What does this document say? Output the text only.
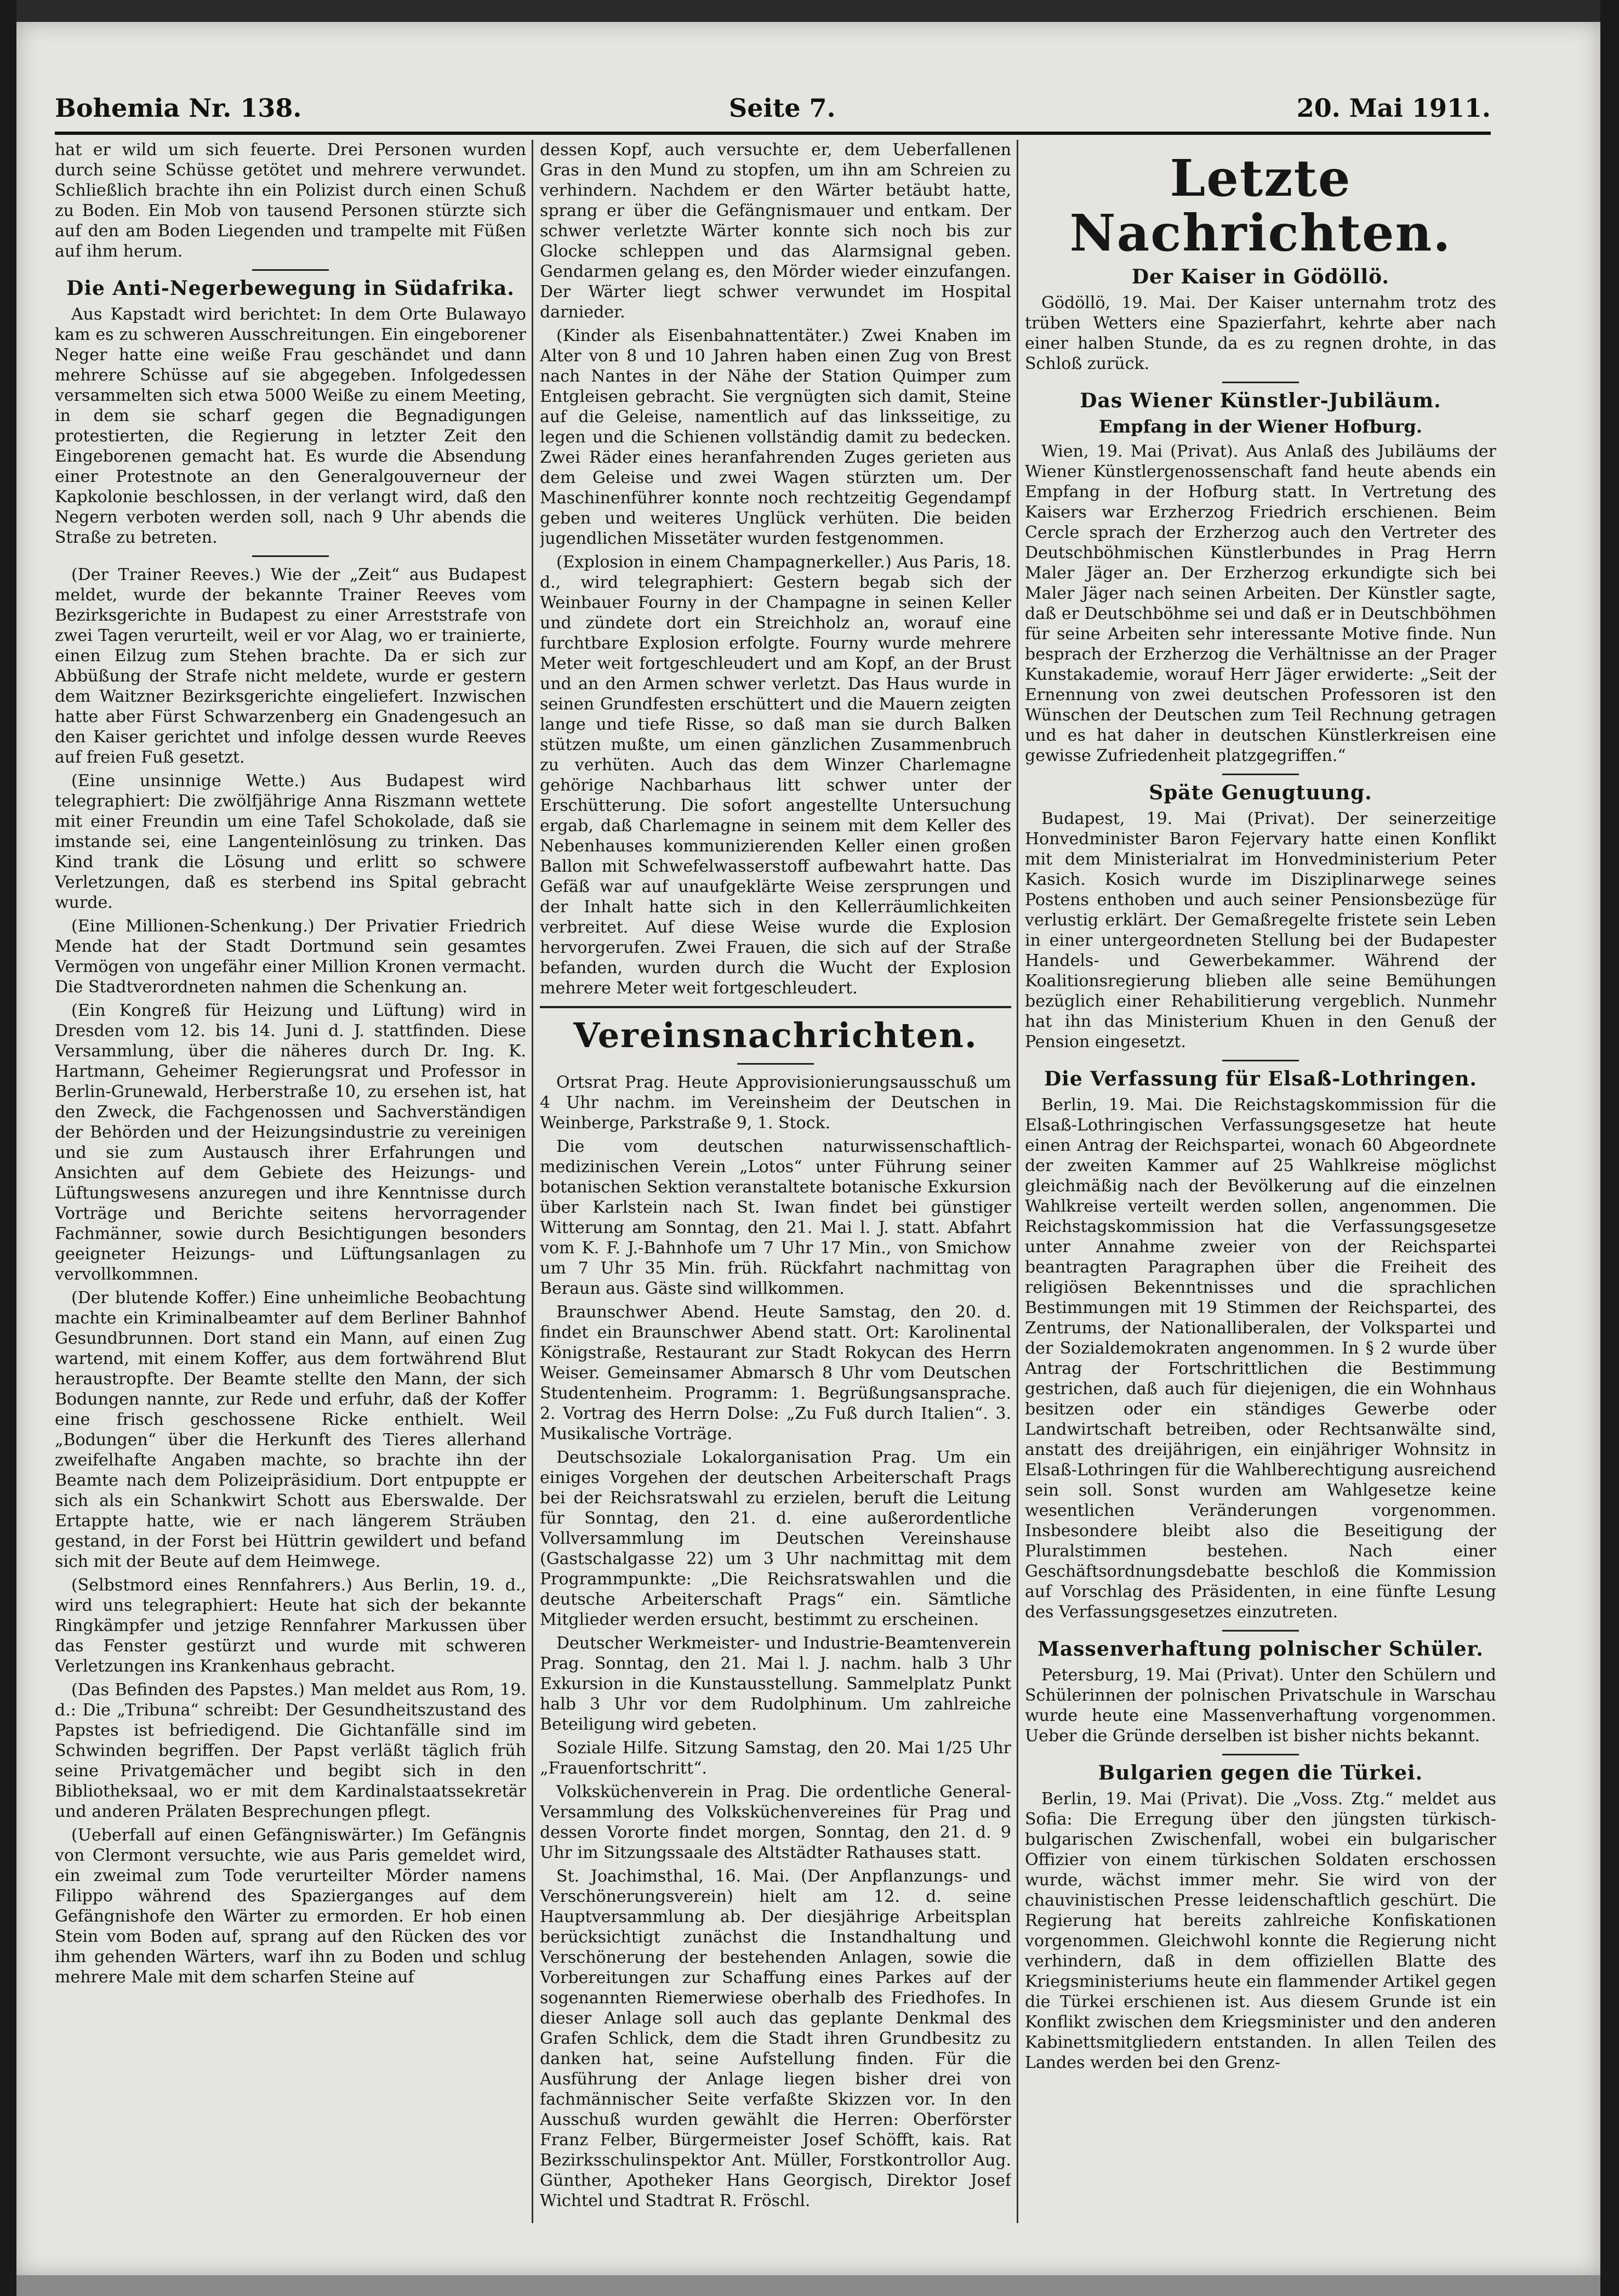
Bohemia Nr. 138.	Seite 7.	20. Mai 1911.

hat er wild um sich feuerte. Drei Personen wurden durch seine Schüsse getötet und mehrere verwundet. Schließlich brachte ihn ein Polizist durch einen Schuß zu Boden. Ein Mob von tausend Personen stürzte sich auf den am Boden Liegenden und trampelte mit Füßen auf ihm herum.

Die Anti-Negerbewegung in Südafrika.

Aus Kapstadt wird berichtet: In dem Orte Bulawayo kam es zu schweren Ausschreitungen. Ein eingeborener Neger hatte eine weiße Frau geschändet und dann mehrere Schüsse auf sie abgegeben. Infolgedessen versammelten sich etwa 5000 Weiße zu einem Meeting, in dem sie scharf gegen die Begnadigungen protestierten, die Regierung in letzter Zeit den Eingeborenen gemacht hat. Es wurde die Absendung einer Protestnote an den Generalgouverneur der Kapkolonie beschlossen, in der verlangt wird, daß den Negern verboten werden soll, nach 9 Uhr abends die Straße zu betreten.

(Der Trainer Reeves.) Wie der „Zeit“ aus Budapest meldet, wurde der bekannte Trainer Reeves vom Bezirksgerichte in Budapest zu einer Arreststrafe von zwei Tagen verurteilt, weil er vor Alag, wo er trainierte, einen Eilzug zum Stehen brachte. Da er sich zur Abbüßung der Strafe nicht meldete, wurde er gestern dem Waitzner Bezirksgerichte eingeliefert. Inzwischen hatte aber Fürst Schwarzenberg ein Gnadengesuch an den Kaiser gerichtet und infolge dessen wurde Reeves auf freien Fuß gesetzt.

(Eine unsinnige Wette.) Aus Budapest wird telegraphiert: Die zwölfjährige Anna Riszmann wettete mit einer Freundin um eine Tafel Schokolade, daß sie imstande sei, eine Langenteinlösung zu trinken. Das Kind trank die Lösung und erlitt so schwere Verletzungen, daß es sterbend ins Spital gebracht wurde.

(Eine Millionen-Schenkung.) Der Privatier Friedrich Mende hat der Stadt Dortmund sein gesamtes Vermögen von ungefähr einer Million Kronen vermacht. Die Stadtverordneten nahmen die Schenkung an.

(Ein Kongreß für Heizung und Lüftung) wird in Dresden vom 12. bis 14. Juni d. J. stattfinden. Diese Versammlung, über die näheres durch Dr. Ing. K. Hartmann, Geheimer Regierungsrat und Professor in Berlin-Grunewald, Herberstraße 10, zu ersehen ist, hat den Zweck, die Fachgenossen und Sachverständigen der Behörden und der Heizungsindustrie zu vereinigen und sie zum Austausch ihrer Erfahrungen und Ansichten auf dem Gebiete des Heizungs- und Lüftungswesens anzuregen und ihre Kenntnisse durch Vorträge und Berichte seitens hervorragender Fachmänner, sowie durch Besichtigungen besonders geeigneter Heizungs- und Lüftungsanlagen zu vervollkommnen.

(Der blutende Koffer.) Eine unheimliche Beobachtung machte ein Kriminalbeamter auf dem Berliner Bahnhof Gesundbrunnen. Dort stand ein Mann, auf einen Zug wartend, mit einem Koffer, aus dem fortwährend Blut heraustropfte. Der Beamte stellte den Mann, der sich Bodungen nannte, zur Rede und erfuhr, daß der Koffer eine frisch geschossene Ricke enthielt. Weil „Bodungen“ über die Herkunft des Tieres allerhand zweifelhafte Angaben machte, so brachte ihn der Beamte nach dem Polizeipräsidium. Dort entpuppte er sich als ein Schankwirt Schott aus Eberswalde. Der Ertappte hatte, wie er nach längerem Sträuben gestand, in der Forst bei Hüttrin gewildert und befand sich mit der Beute auf dem Heimwege.

(Selbstmord eines Rennfahrers.) Aus Berlin, 19. d., wird uns telegraphiert: Heute hat sich der bekannte Ringkämpfer und jetzige Rennfahrer Markussen über das Fenster gestürzt und wurde mit schweren Verletzungen ins Krankenhaus gebracht.

(Das Befinden des Papstes.) Man meldet aus Rom, 19. d.: Die „Tribuna“ schreibt: Der Gesundheitszustand des Papstes ist befriedigend. Die Gichtanfälle sind im Schwinden begriffen. Der Papst verläßt täglich früh seine Privatgemächer und begibt sich in den Bibliotheksaal, wo er mit dem Kardinalstaatssekretär und anderen Prälaten Besprechungen pflegt.

(Ueberfall auf einen Gefängniswärter.) Im Gefängnis von Clermont versuchte, wie aus Paris gemeldet wird, ein zweimal zum Tode verurteilter Mörder namens Filippo während des Spazierganges auf dem Gefängnishofe den Wärter zu ermorden. Er hob einen Stein vom Boden auf, sprang auf den Rücken des vor ihm gehenden Wärters, warf ihn zu Boden und schlug mehrere Male mit dem scharfen Steine auf

dessen Kopf, auch versuchte er, dem Ueberfallenen Gras in den Mund zu stopfen, um ihn am Schreien zu verhindern. Nachdem er den Wärter betäubt hatte, sprang er über die Gefängnismauer und entkam. Der schwer verletzte Wärter konnte sich noch bis zur Glocke schleppen und das Alarmsignal geben. Gendarmen gelang es, den Mörder wieder einzufangen. Der Wärter liegt schwer verwundet im Hospital darnieder.

(Kinder als Eisenbahnattentäter.) Zwei Knaben im Alter von 8 und 10 Jahren haben einen Zug von Brest nach Nantes in der Nähe der Station Quimper zum Entgleisen gebracht. Sie vergnügten sich damit, Steine auf die Geleise, namentlich auf das linksseitige, zu legen und die Schienen vollständig damit zu bedecken. Zwei Räder eines heranfahrenden Zuges gerieten aus dem Geleise und zwei Wagen stürzten um. Der Maschinenführer konnte noch rechtzeitig Gegendampf geben und weiteres Unglück verhüten. Die beiden jugendlichen Missetäter wurden festgenommen.

(Explosion in einem Champagnerkeller.) Aus Paris, 18. d., wird telegraphiert: Gestern begab sich der Weinbauer Fourny in der Champagne in seinen Keller und zündete dort ein Streichholz an, worauf eine furchtbare Explosion erfolgte. Fourny wurde mehrere Meter weit fortgeschleudert und am Kopf, an der Brust und an den Armen schwer verletzt. Das Haus wurde in seinen Grundfesten erschüttert und die Mauern zeigten lange und tiefe Risse, so daß man sie durch Balken stützen mußte, um einen gänzlichen Zusammenbruch zu verhüten. Auch das dem Winzer Charlemagne gehörige Nachbarhaus litt schwer unter der Erschütterung. Die sofort angestellte Untersuchung ergab, daß Charlemagne in seinem mit dem Keller des Nebenhauses kommunizierenden Keller einen großen Ballon mit Schwefelwasserstoff aufbewahrt hatte. Das Gefäß war auf unaufgeklärte Weise zersprungen und der Inhalt hatte sich in den Kellerräumlichkeiten verbreitet. Auf diese Weise wurde die Explosion hervorgerufen. Zwei Frauen, die sich auf der Straße befanden, wurden durch die Wucht der Explosion mehrere Meter weit fortgeschleudert.

Vereinsnachrichten.

Ortsrat Prag. Heute Approvisionierungsausschuß um 4 Uhr nachm. im Vereinsheim der Deutschen in Weinberge, Parkstraße 9, 1. Stock.

Die vom deutschen naturwissenschaftlich-medizinischen Verein „Lotos“ unter Führung seiner botanischen Sektion veranstaltete botanische Exkursion über Karlstein nach St. Iwan findet bei günstiger Witterung am Sonntag, den 21. Mai l. J. statt. Abfahrt vom K. F. J.-Bahnhofe um 7 Uhr 17 Min., von Smichow um 7 Uhr 35 Min. früh. Rückfahrt nachmittag von Beraun aus. Gäste sind willkommen.

Braunschwer Abend. Heute Samstag, den 20. d. findet ein Braunschwer Abend statt. Ort: Karolinental Königstraße, Restaurant zur Stadt Rokycan des Herrn Weiser. Gemeinsamer Abmarsch 8 Uhr vom Deutschen Studentenheim. Programm: 1. Begrüßungsansprache. 2. Vortrag des Herrn Dolse: „Zu Fuß durch Italien“. 3. Musikalische Vorträge.

Deutschsoziale Lokalorganisation Prag. Um ein einiges Vorgehen der deutschen Arbeiterschaft Prags bei der Reichsratswahl zu erzielen, beruft die Leitung für Sonntag, den 21. d. eine außerordentliche Vollversammlung im Deutschen Vereinshause (Gastschalgasse 22) um 3 Uhr nachmittag mit dem Programmpunkte: „Die Reichsratswahlen und die deutsche Arbeiterschaft Prags“ ein. Sämtliche Mitglieder werden ersucht, bestimmt zu erscheinen.

Deutscher Werkmeister- und Industrie-Beamtenverein Prag. Sonntag, den 21. Mai l. J. nachm. halb 3 Uhr Exkursion in die Kunstausstellung. Sammelplatz Punkt halb 3 Uhr vor dem Rudolphinum. Um zahlreiche Beteiligung wird gebeten.

Soziale Hilfe. Sitzung Samstag, den 20. Mai 1/25 Uhr „Frauenfortschritt“.

Volksküchenverein in Prag. Die ordentliche General-Versammlung des Volksküchenvereines für Prag und dessen Vororte findet morgen, Sonntag, den 21. d. 9 Uhr im Sitzungssaale des Altstädter Rathauses statt.

St. Joachimsthal, 16. Mai. (Der Anpflanzungs- und Verschönerungsverein) hielt am 12. d. seine Hauptversammlung ab. Der diesjährige Arbeitsplan berücksichtigt zunächst die Instandhaltung und Verschönerung der bestehenden Anlagen, sowie die Vorbereitungen zur Schaffung eines Parkes auf der sogenannten Riemerwiese oberhalb des Friedhofes. In dieser Anlage soll auch das geplante Denkmal des Grafen Schlick, dem die Stadt ihren Grundbesitz zu danken hat, seine Aufstellung finden. Für die Ausführung der Anlage liegen bisher drei von fachmännischer Seite verfaßte Skizzen vor. In den Ausschuß wurden gewählt die Herren: Oberförster Franz Felber, Bürgermeister Josef Schöfft, kais. Rat Bezirksschulinspektor Ant. Müller, Forstkontrollor Aug. Günther, Apotheker Hans Georgisch, Direktor Josef Wichtel und Stadtrat R. Fröschl.

Letzte Nachrichten.
Der Kaiser in Gödöllö.

Gödöllö, 19. Mai. Der Kaiser unternahm trotz des trüben Wetters eine Spazierfahrt, kehrte aber nach einer halben Stunde, da es zu regnen drohte, in das Schloß zurück.

Das Wiener Künstler-Jubiläum.
Empfang in der Wiener Hofburg.

Wien, 19. Mai (Privat). Aus Anlaß des Jubiläums der Wiener Künstlergenossenschaft fand heute abends ein Empfang in der Hofburg statt. In Vertretung des Kaisers war Erzherzog Friedrich erschienen. Beim Cercle sprach der Erzherzog auch den Vertreter des Deutschböhmischen Künstlerbundes in Prag Herrn Maler Jäger an. Der Erzherzog erkundigte sich bei Maler Jäger nach seinen Arbeiten. Der Künstler sagte, daß er Deutschböhme sei und daß er in Deutschböhmen für seine Arbeiten sehr interessante Motive finde. Nun besprach der Erzherzog die Verhältnisse an der Prager Kunstakademie, worauf Herr Jäger erwiderte: „Seit der Ernennung von zwei deutschen Professoren ist den Wünschen der Deutschen zum Teil Rechnung getragen und es hat daher in deutschen Künstlerkreisen eine gewisse Zufriedenheit platzgegriffen.“

Späte Genugtuung.

Budapest, 19. Mai (Privat). Der seinerzeitige Honvedminister Baron Fejervary hatte einen Konflikt mit dem Ministerialrat im Honvedministerium Peter Kasich. Kosich wurde im Disziplinarwege seines Postens enthoben und auch seiner Pensionsbezüge für verlustig erklärt. Der Gemaßregelte fristete sein Leben in einer untergeordneten Stellung bei der Budapester Handels- und Gewerbekammer. Während der Koalitionsregierung blieben alle seine Bemühungen bezüglich einer Rehabilitierung vergeblich. Nunmehr hat ihn das Ministerium Khuen in den Genuß der Pension eingesetzt.

Die Verfassung für Elsaß-Lothringen.

Berlin, 19. Mai. Die Reichstagskommission für die Elsaß-Lothringischen Verfassungsgesetze hat heute einen Antrag der Reichspartei, wonach 60 Abgeordnete der zweiten Kammer auf 25 Wahlkreise möglichst gleichmäßig nach der Bevölkerung auf die einzelnen Wahlkreise verteilt werden sollen, angenommen. Die Reichstagskommission hat die Verfassungsgesetze unter Annahme zweier von der Reichspartei beantragten Paragraphen über die Freiheit des religiösen Bekenntnisses und die sprachlichen Bestimmungen mit 19 Stimmen der Reichspartei, des Zentrums, der Nationalliberalen, der Volkspartei und der Sozialdemokraten angenommen. In § 2 wurde über Antrag der Fortschrittlichen die Bestimmung gestrichen, daß auch für diejenigen, die ein Wohnhaus besitzen oder ein ständiges Gewerbe oder Landwirtschaft betreiben, oder Rechtsanwälte sind, anstatt des dreijährigen, ein einjähriger Wohnsitz in Elsaß-Lothringen für die Wahlberechtigung ausreichend sein soll. Sonst wurden am Wahlgesetze keine wesentlichen Veränderungen vorgenommen. Insbesondere bleibt also die Beseitigung der Pluralstimmen bestehen. Nach einer Geschäftsordnungsdebatte beschloß die Kommission auf Vorschlag des Präsidenten, in eine fünfte Lesung des Verfassungsgesetzes einzutreten.

Massenverhaftung polnischer Schüler.

Petersburg, 19. Mai (Privat). Unter den Schülern und Schülerinnen der polnischen Privatschule in Warschau wurde heute eine Massenverhaftung vorgenommen. Ueber die Gründe derselben ist bisher nichts bekannt.

Bulgarien gegen die Türkei.

Berlin, 19. Mai (Privat). Die „Voss. Ztg.“ meldet aus Sofia: Die Erregung über den jüngsten türkisch-bulgarischen Zwischenfall, wobei ein bulgarischer Offizier von einem türkischen Soldaten erschossen wurde, wächst immer mehr. Sie wird von der chauvinistischen Presse leidenschaftlich geschürt. Die Regierung hat bereits zahlreiche Konfiskationen vorgenommen. Gleichwohl konnte die Regierung nicht verhindern, daß in dem offiziellen Blatte des Kriegsministeriums heute ein flammender Artikel gegen die Türkei erschienen ist. Aus diesem Grunde ist ein Konflikt zwischen dem Kriegsminister und den anderen Kabinettsmitgliedern entstanden. In allen Teilen des Landes werden bei den Grenz-
